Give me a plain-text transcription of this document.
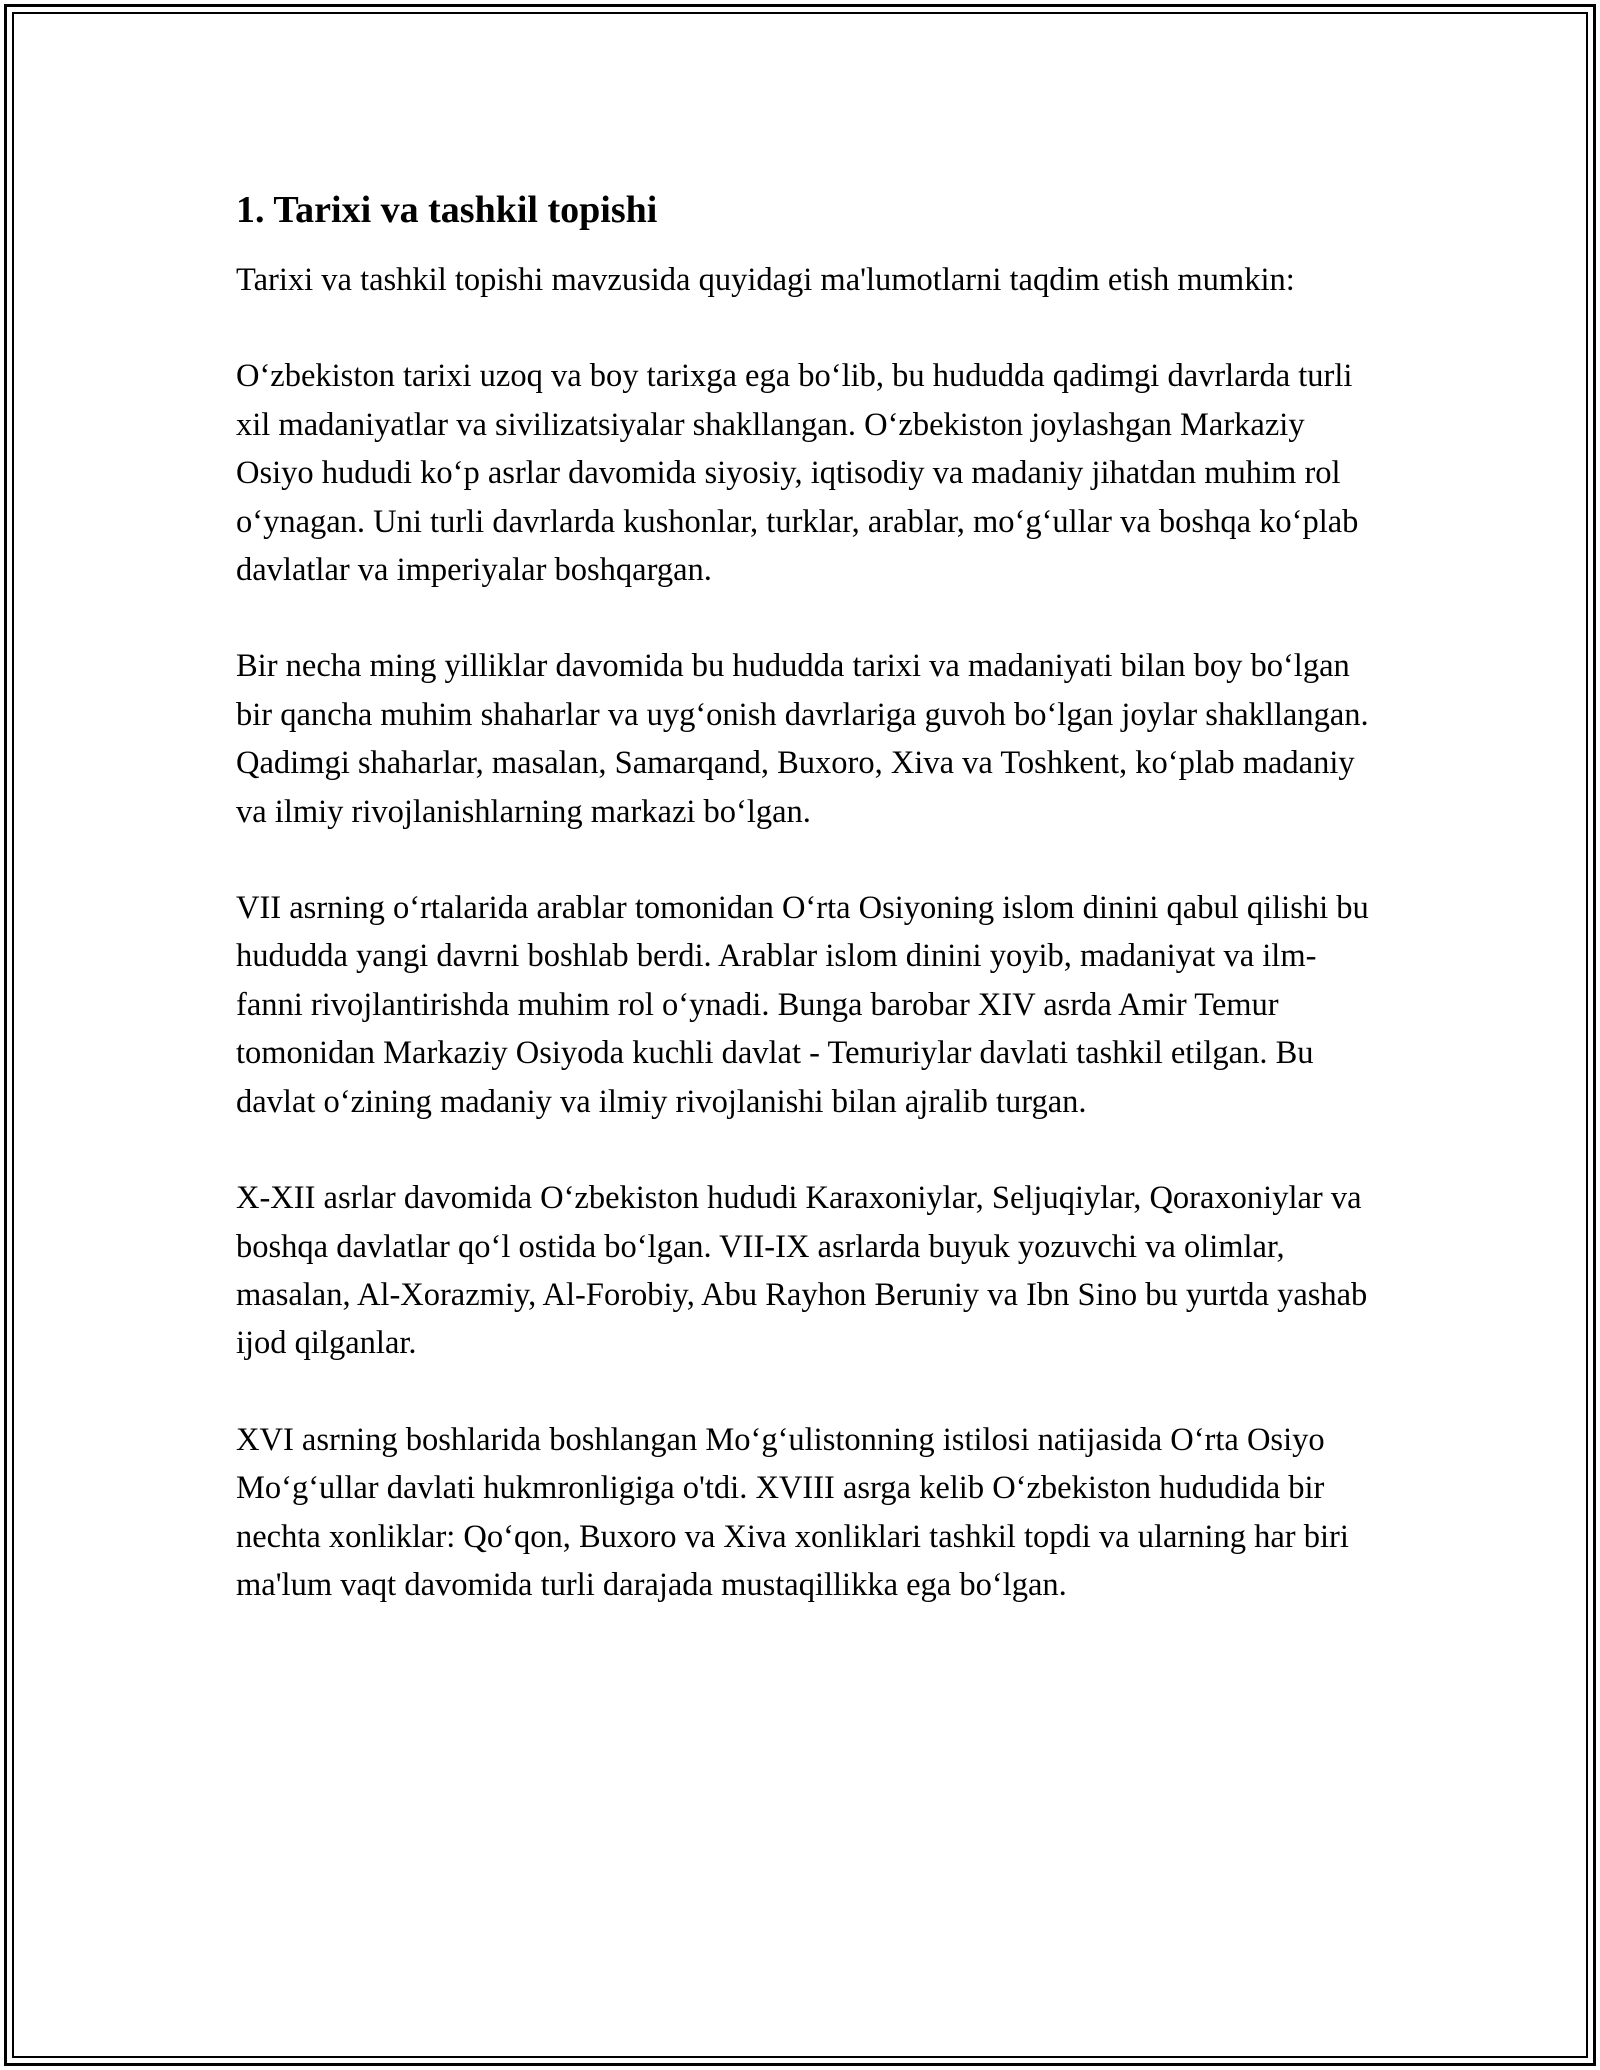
1. Tarixi va tashkil topishi

Tarixi va tashkil topishi mavzusida quyidagi ma'lumotlarni taqdim etish mumkin:

O‘zbekiston tarixi uzoq va boy tarixga ega bo‘lib, bu hududda qadimgi davrlarda turli xil madaniyatlar va sivilizatsiyalar shakllangan. O‘zbekiston joylashgan Markaziy Osiyo hududi ko‘p asrlar davomida siyosiy, iqtisodiy va madaniy jihatdan muhim rol o‘ynagan. Uni turli davrlarda kushonlar, turklar, arablar, mo‘g‘ullar va boshqa ko‘plab davlatlar va imperiyalar boshqargan.

Bir necha ming yilliklar davomida bu hududda tarixi va madaniyati bilan boy bo‘lgan bir qancha muhim shaharlar va uyg‘onish davrlariga guvoh bo‘lgan joylar shakllangan. Qadimgi shaharlar, masalan, Samarqand, Buxoro, Xiva va Toshkent, ko‘plab madaniy va ilmiy rivojlanishlarning markazi bo‘lgan.

VII asrning o‘rtalarida arablar tomonidan O‘rta Osiyoning islom dinini qabul qilishi bu hududda yangi davrni boshlab berdi. Arablar islom dinini yoyib, madaniyat va ilm-fanni rivojlantirishda muhim rol o‘ynadi. Bunga barobar XIV asrda Amir Temur tomonidan Markaziy Osiyoda kuchli davlat - Temuriylar davlati tashkil etilgan. Bu davlat o‘zining madaniy va ilmiy rivojlanishi bilan ajralib turgan.

X-XII asrlar davomida O‘zbekiston hududi Karaxoniylar, Seljuqiylar, Qoraxoniylar va boshqa davlatlar qo‘l ostida bo‘lgan. VII-IX asrlarda buyuk yozuvchi va olimlar, masalan, Al-Xorazmiy, Al-Forobiy, Abu Rayhon Beruniy va Ibn Sino bu yurtda yashab ijod qilganlar.

XVI asrning boshlarida boshlangan Mo‘g‘ulistonning istilosi natijasida O‘rta Osiyo Mo‘g‘ullar davlati hukmronligiga o'tdi. XVIII asrga kelib O‘zbekiston hududida bir nechta xonliklar: Qo‘qon, Buxoro va Xiva xonliklari tashkil topdi va ularning har biri ma'lum vaqt davomida turli darajada mustaqillikka ega bo‘lgan.
